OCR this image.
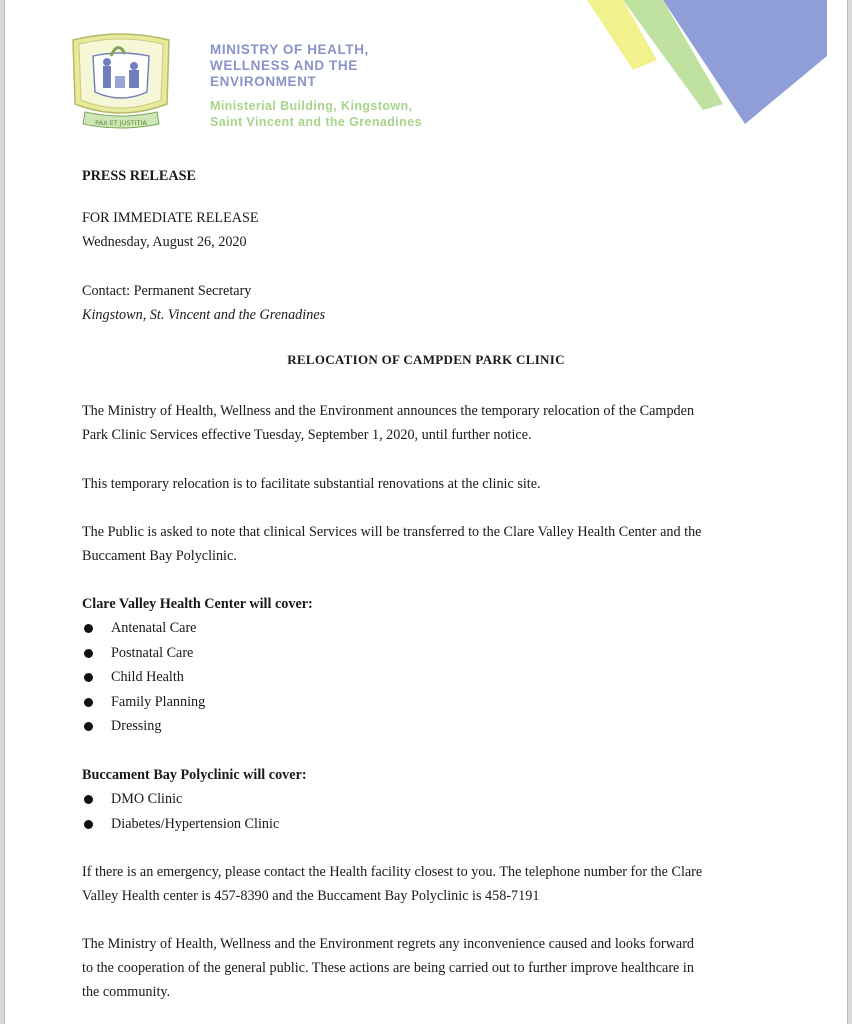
PAX ET JUSTITIA
MINISTRY OF HEALTH,
WELLNESS AND THE
ENVIRONMENT
Ministerial Building, Kingstown,
Saint Vincent and the Grenadines
PRESS RELEASE
FOR IMMEDIATE RELEASE
Wednesday, August 26, 2020
Contact: Permanent Secretary
Kingstown, St. Vincent and the Grenadines
RELOCATION OF CAMPDEN PARK CLINIC
The Ministry of Health, Wellness and the Environment announces the temporary relocation of the Campden
Park Clinic Services effective Tuesday, September 1, 2020, until further notice.
This temporary relocation is to facilitate substantial renovations at the clinic site.
The Public is asked to note that clinical Services will be transferred to the Clare Valley Health Center and the
Buccament Bay Polyclinic.
Clare Valley Health Center will cover:
Antenatal Care
Postnatal Care
Child Health
Family Planning
Dressing
Buccament Bay Polyclinic will cover:
DMO Clinic
Diabetes/Hypertension Clinic
If there is an emergency, please contact the Health facility closest to you. The telephone number for the Clare
Valley Health center is 457-8390 and the Buccament Bay Polyclinic is 458-7191
The Ministry of Health, Wellness and the Environment regrets any inconvenience caused and looks forward
to the cooperation of the general public. These actions are being carried out to further improve healthcare in
the community.
